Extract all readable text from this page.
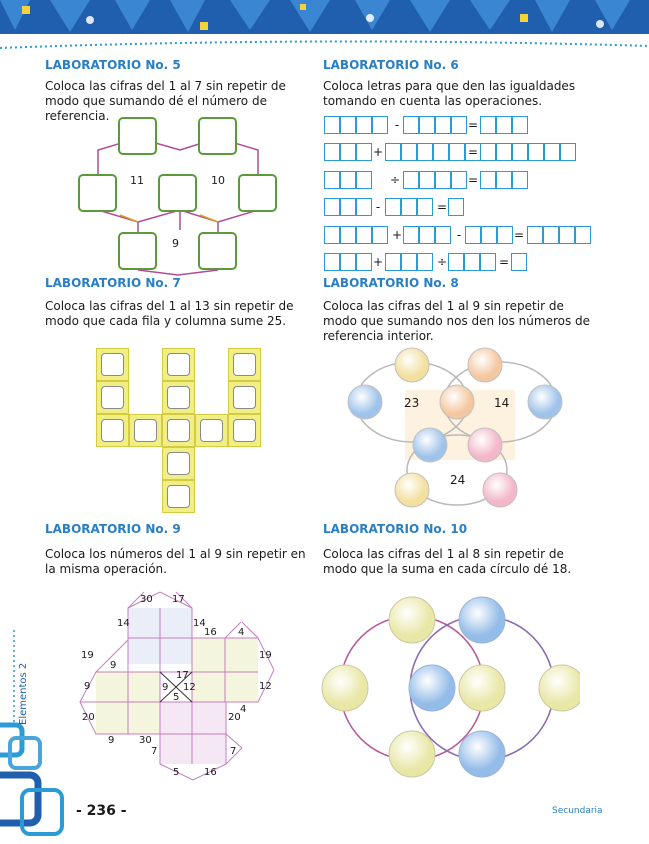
LABORATORIO No. 5
Coloca las cifras del 1 al 7 sin repetir de modo que sumando dé el número de referencia.
11	10
9
LABORATORIO No. 6
Coloca letras para que den las igualdades tomando en cuenta las operaciones.
-	=
+	=
÷	=
-	=
+	-	=
+	÷	=
LABORATORIO No. 7
Coloca las cifras del 1 al 13 sin repetir de modo que cada fila y columna sume 25.
LABORATORIO No. 8
Coloca las cifras del 1 al 9 sin repetir de modo que sumando nos den los números de referencia interior.
23	14
24
LABORATORIO No. 9
Coloca los números del 1 al 9 sin repetir en la misma operación.
30 17
14	14
16 4
19	19
9
9	9
17
12	12
5
20	20
4
9 30
7	7
5 16
LABORATORIO No. 10
Coloca las cifras del 1 al 8 sin repetir de modo que la suma en cada círculo dé 18.
Elementos 2
- 236 -	Secundaria
